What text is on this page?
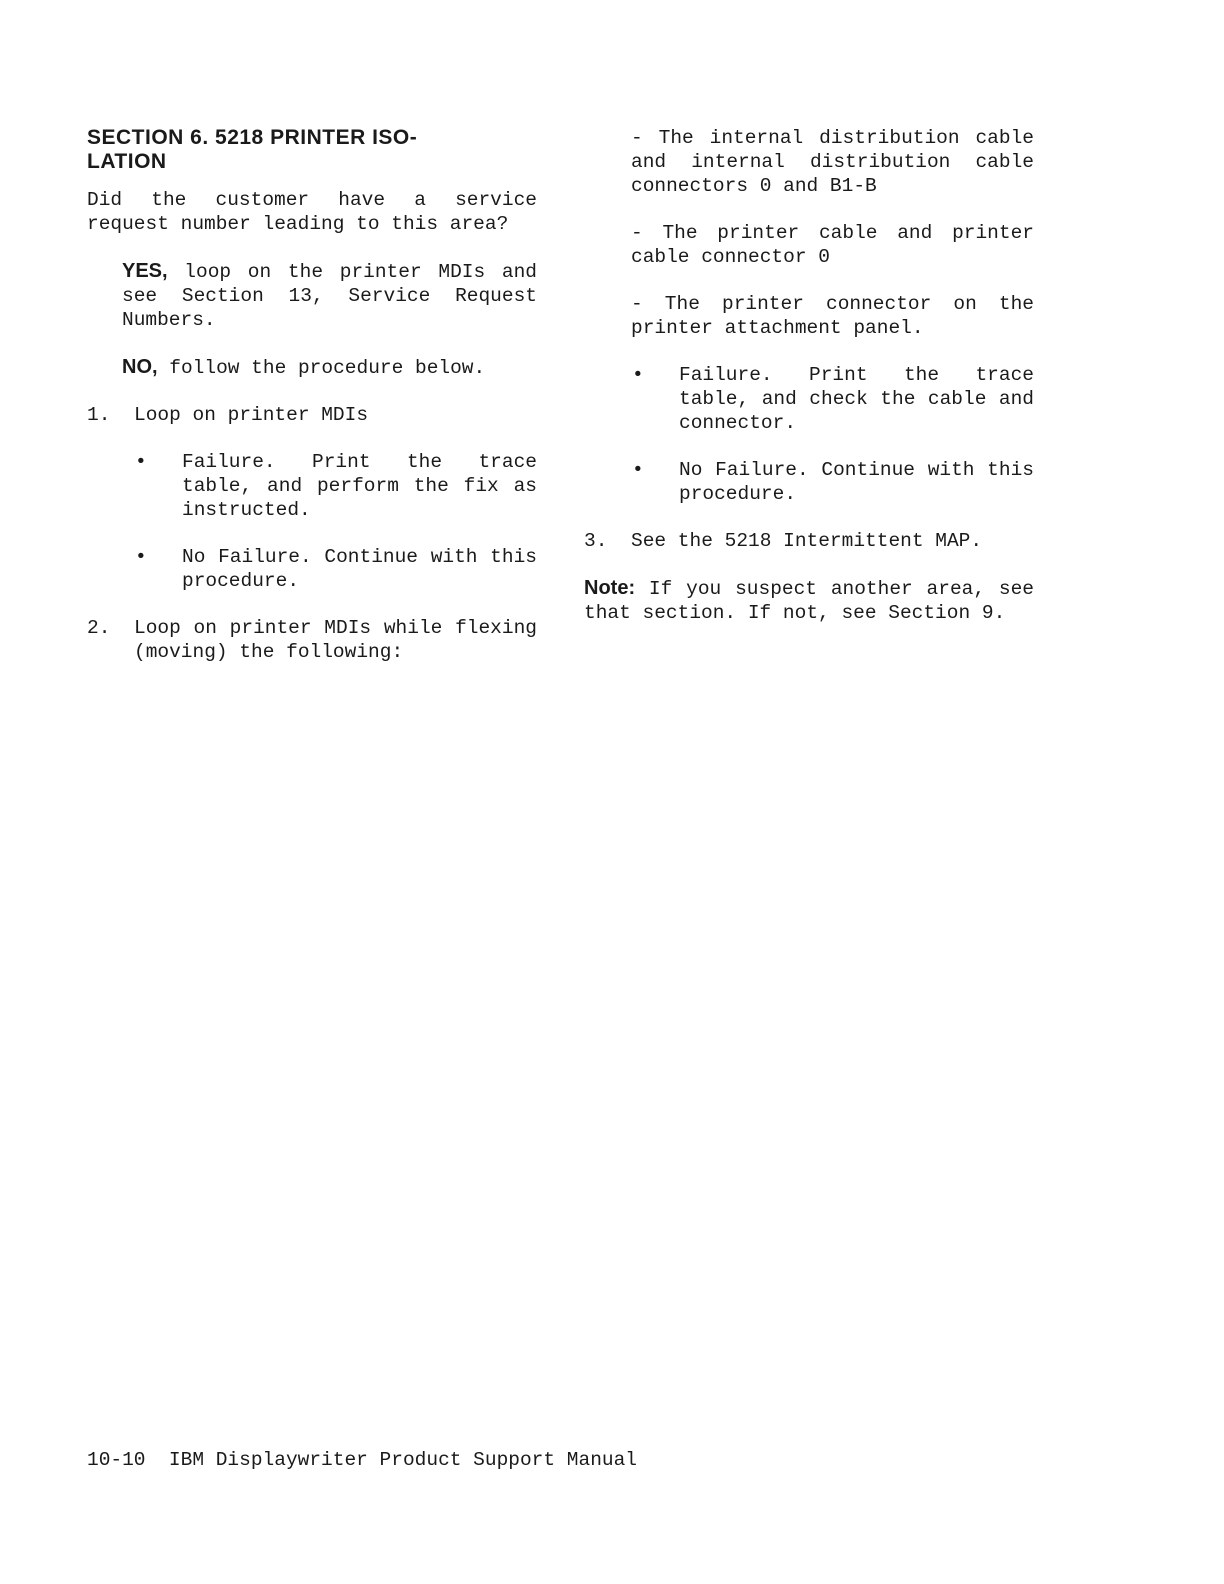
SECTION 6. 5218 PRINTER ISO-
LATION

Did the customer have a service request number leading to this area?

YES, loop on the printer MDIs and see Section 13, Service Request Numbers.

NO, follow the procedure below.

1.	Loop on printer MDIs
•	Failure. Print the trace table, and perform the fix as instructed.
•	No Failure. Continue with this procedure.
2.	Loop on printer MDIs while flexing (moving) the following:

- The internal distribution cable and internal distribution cable connectors 0 and B1-B

- The printer cable and printer cable connector 0

- The printer connector on the printer attachment panel.

•	Failure. Print the trace table, and check the cable and connector.
•	No Failure. Continue with this procedure.
3.	See the 5218 Intermittent MAP.

Note: If you suspect another area, see that section. If not, see Section 9.

10-10 IBM Displaywriter Product Support Manual
